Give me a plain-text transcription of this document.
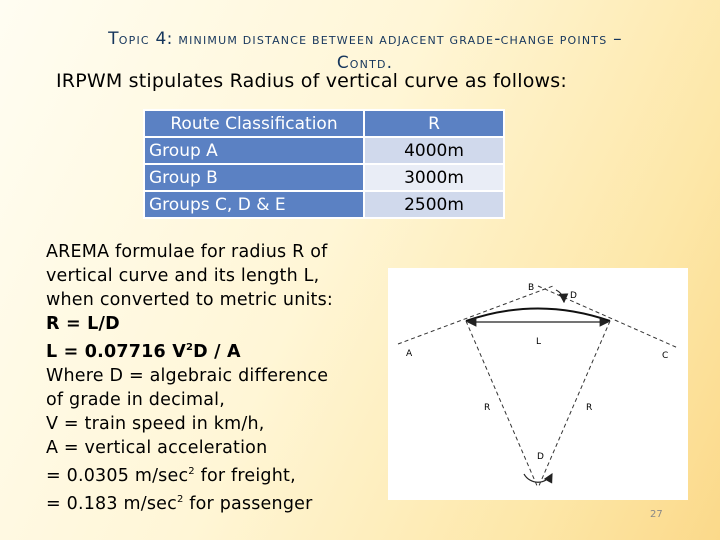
TOPIC 4: MINIMUM DISTANCE BETWEEN ADJACENT GRADE-CHANGE POINTS –
CONTD.
IRPWM stipulates Radius of vertical curve as follows:
Route Classification	R
Group A	4000m
Group B	3000m
Groups C, D & E	2500m
AREMA formulae for radius R of
vertical curve and its length L,
when converted to metric units:
R = L/D
L = 0.07716 $V^2D$ / A
Where D = algebraic difference
of grade in decimal,
V = train speed in km/h,
A = vertical acceleration
= 0.0305 $m/\sec^2$ for freight,
= 0.183 $m/\sec^2$ for passenger
A
B
C
D
L
R	R
D
27
